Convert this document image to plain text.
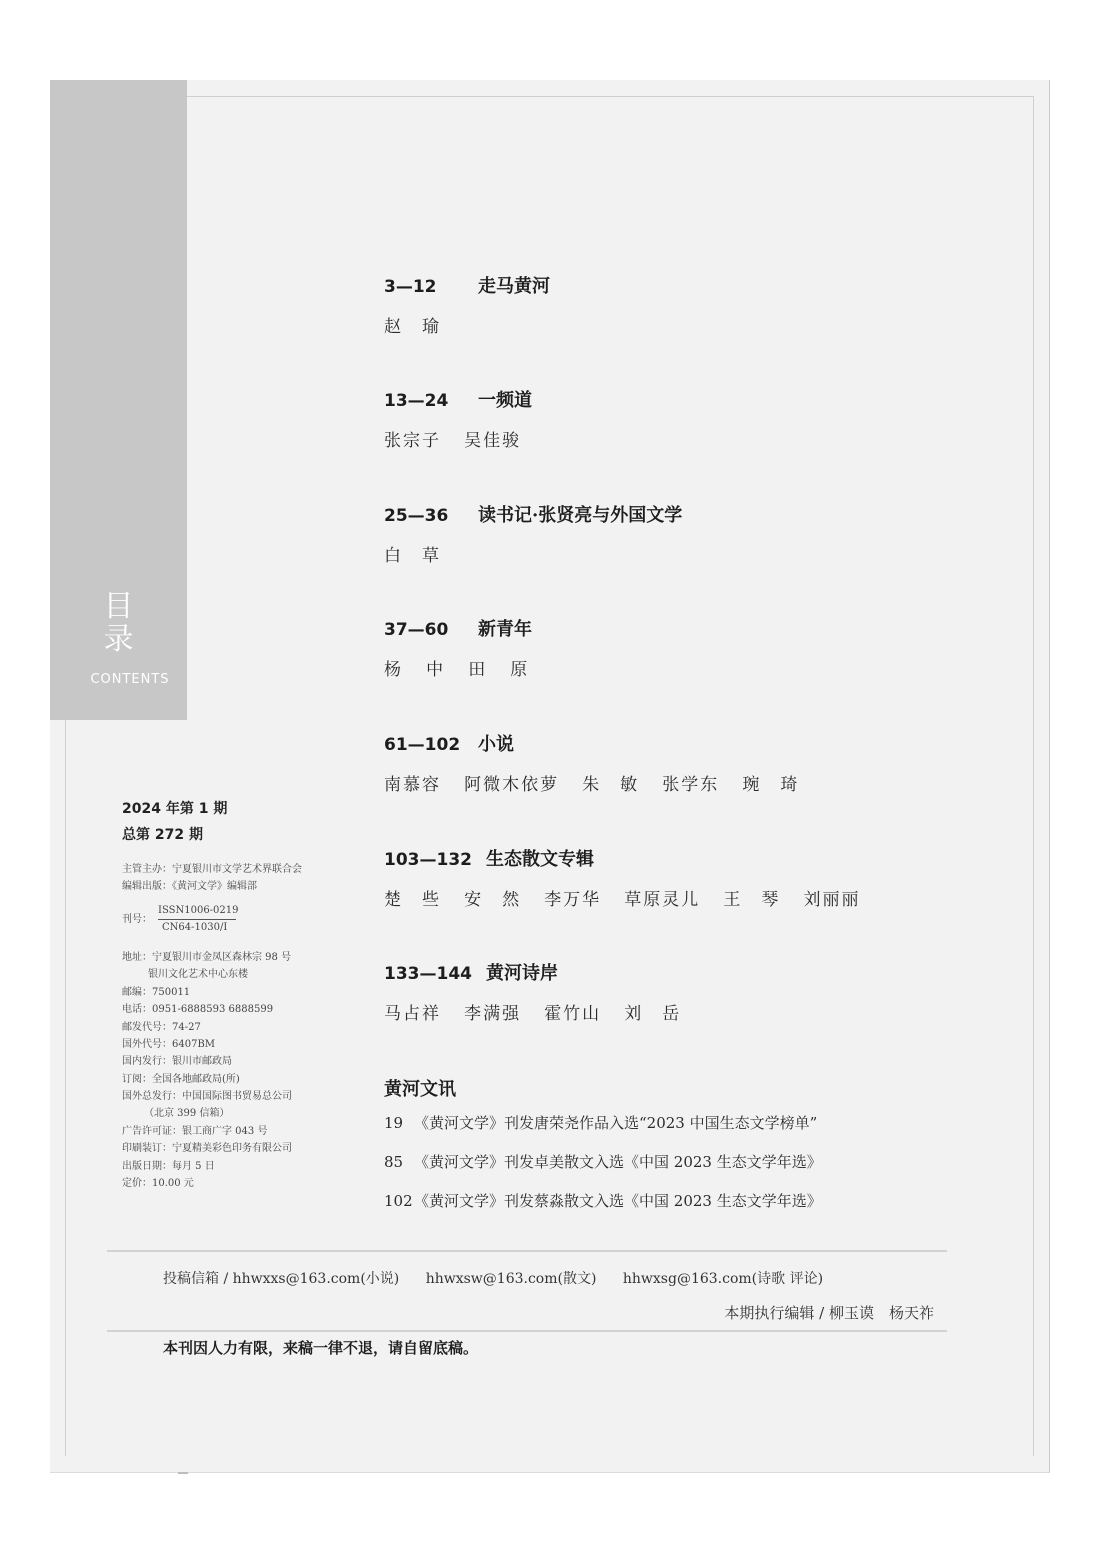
目
录
CONTENTS
2024 年第 1 期
总第 272 期
主管主办：宁夏银川市文学艺术界联合会
编辑出版：《黄河文学》编辑部
刊号：
ISSN1006-0219
CN64-1030/I
地址：宁夏银川市金凤区森林宗 98 号
银川文化艺术中心东楼
邮编：750011
电话：0951-6888593 6888599
邮发代号：74-27
国外代号：6407BM
国内发行：银川市邮政局
订阅：全国各地邮政局(所)
国外总发行：中国国际图书贸易总公司
（北京 399 信箱）
广告许可证：银工商广字 043 号
印刷装订：宁夏精美彩色印务有限公司
出版日期：每月 5 日
定价：10.00 元
3—12 走马黄河
赵　瑜
13—24 一频道
张宗子 吴佳骏
25—36 读书记·张贤亮与外国文学
白　草
37—60 新青年
杨 中 田 原
61—102 小说
南慕容 阿微木依萝 朱　敏 张学东 琬　琦
103—132 生态散文专辑
楚　些 安　然 李万华 草原灵儿 王　琴 刘丽丽
133—144 黄河诗岸
马占祥 李满强 霍竹山 刘　岳
黄河文讯
19 《黄河文学》刊发唐荣尧作品入选“2023 中国生态文学榜单”
85 《黄河文学》刊发卓美散文入选《中国 2023 生态文学年选》
102《黄河文学》刊发蔡淼散文入选《中国 2023 生态文学年选》
投稿信箱 / hhwxxs@163.com(小说) hhwxsw@163.com(散文) hhwxsg@163.com(诗歌 评论)
本期执行编辑 / 柳玉谟　杨天祚
本刊因人力有限，来稿一律不退，请自留底稿。
